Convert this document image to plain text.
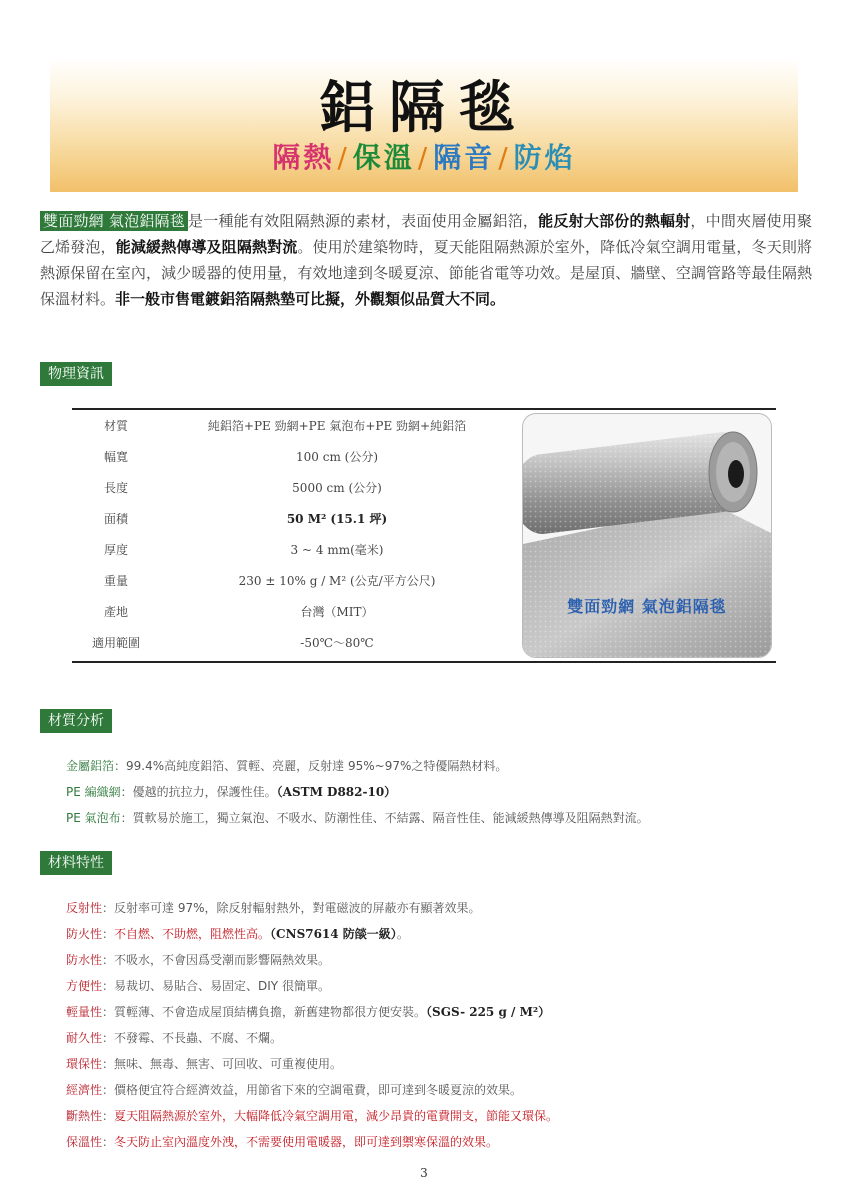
鋁隔毯
隔熱 / 保溫 / 隔音 / 防焰
雙面勁網 氣泡鋁隔毯 是一種能有效阻隔熱源的素材，表面使用金屬鋁箔，能反射大部份的熱輻射，中間夾層使用聚乙烯發泡，能減緩熱傳導及阻隔熱對流。使用於建築物時，夏天能阻隔熱源於室外，降低冷氣空調用電量，冬天則將熱源保留在室內，減少暖器的使用量，有效地達到冬暖夏涼、節能省電等功效。是屋頂、牆壁、空調管路等最佳隔熱保溫材料。非一般市售電鍍鋁箔隔熱墊可比擬，外觀類似品質大不同。
物理資訊
材質	純鋁箔+PE 勁網+PE 氣泡布+PE 勁網+純鋁箔
幅寬	100 cm (公分)
長度	5000 cm (公分)
面積	50 M² (15.1 坪)
厚度	3 ~ 4 mm(毫米)
重量	230 ± 10% g / M² (公克/平方公尺)
產地	台灣（MIT）
適用範圍	-50℃～80℃
雙面勁網 氣泡鋁隔毯
材質分析
金屬鋁箔：99.4%高純度鋁箔、質輕、亮麗，反射達 95%~97%之特優隔熱材料。
PE 編織網：優越的抗拉力，保護性佳。（ASTM D882-10）
PE 氣泡布：質軟易於施工，獨立氣泡、不吸水、防潮性佳、不結露、隔音性佳、能減緩熱傳導及阻隔熱對流。
材料特性
反射性：反射率可達 97%，除反射輻射熱外，對電磁波的屏蔽亦有顯著效果。
防火性：不自燃、不助燃，阻燃性高。（CNS7614 防燄一級）。
防水性：不吸水，不會因爲受潮而影響隔熱效果。
方便性：易裁切、易貼合、易固定、DIY 很簡單。
輕量性：質輕薄、不會造成屋頂結構負擔，新舊建物都很方便安裝。（SGS- 225 g / M²）
耐久性：不發霉、不長蟲、不腐、不爛。
環保性：無味、無毒、無害、可回收、可重複使用。
經濟性：價格便宜符合經濟效益，用節省下來的空調電費，即可達到冬暖夏涼的效果。
斷熱性：夏天阻隔熱源於室外，大幅降低冷氣空調用電，減少昂貴的電費開支，節能又環保。
保溫性：冬天防止室內溫度外洩，不需要使用電暖器，即可達到禦寒保溫的效果。
3
